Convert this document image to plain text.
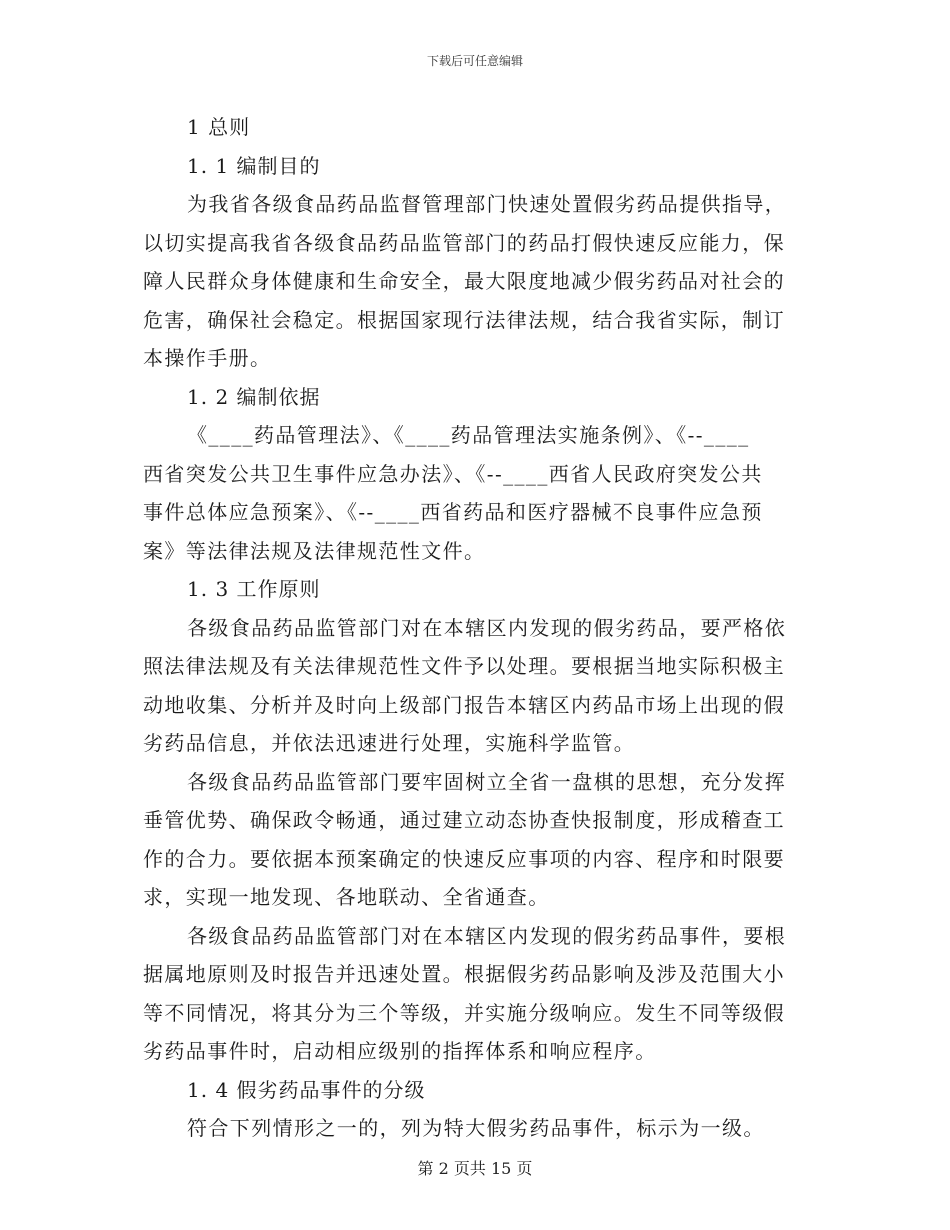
下载后可任意编辑
1 总则
1. 1 编制目的
为我省各级食品药品监督管理部门快速处置假劣药品提供指导，
以切实提高我省各级食品药品监管部门的药品打假快速反应能力，保
障人民群众身体健康和生命安全，最大限度地减少假劣药品对社会的
危害，确保社会稳定。根据国家现行法律法规，结合我省实际，制订
本操作手册。
1. 2 编制依据
《____药品管理法》、《____药品管理法实施条例》、《--____
西省突发公共卫生事件应急办法》、《--____西省人民政府突发公共
事件总体应急预案》、《--____西省药品和医疗器械不良事件应急预
案》等法律法规及法律规范性文件。
1. 3 工作原则
各级食品药品监管部门对在本辖区内发现的假劣药品，要严格依
照法律法规及有关法律规范性文件予以处理。要根据当地实际积极主
动地收集、分析并及时向上级部门报告本辖区内药品市场上出现的假
劣药品信息，并依法迅速进行处理，实施科学监管。
各级食品药品监管部门要牢固树立全省一盘棋的思想，充分发挥
垂管优势、确保政令畅通，通过建立动态协查快报制度，形成稽查工
作的合力。要依据本预案确定的快速反应事项的内容、程序和时限要
求，实现一地发现、各地联动、全省通查。
各级食品药品监管部门对在本辖区内发现的假劣药品事件，要根
据属地原则及时报告并迅速处置。根据假劣药品影响及涉及范围大小
等不同情况，将其分为三个等级，并实施分级响应。发生不同等级假
劣药品事件时，启动相应级别的指挥体系和响应程序。
1. 4 假劣药品事件的分级
符合下列情形之一的，列为特大假劣药品事件，标示为一级。
第 2 页共 15 页
